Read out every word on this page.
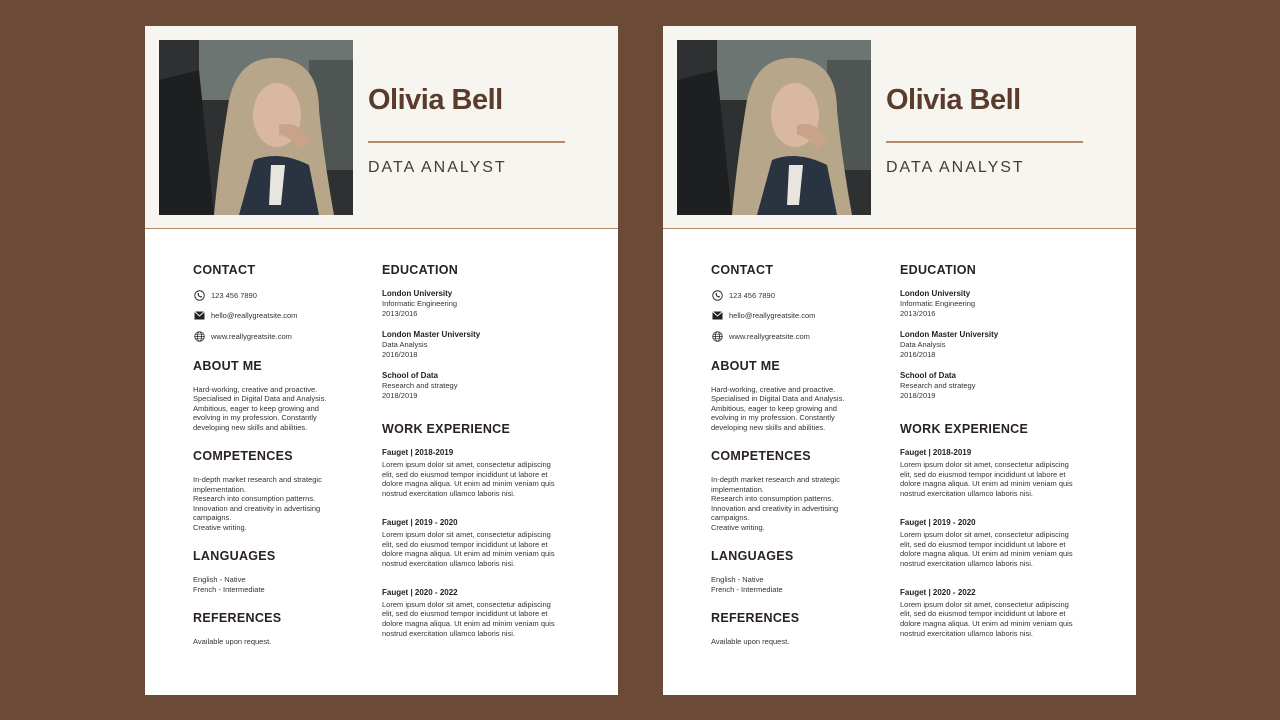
Olivia Bell
DATA ANALYST
CONTACT
123 456 7890
hello@reallygreatsite.com
www.reallygreatsite.com
ABOUT ME
Hard-working, creative and proactive.
Specialised in Digital Data and Analysis.
Ambitious, eager to keep growing and
evolving in my profession. Constantly
developing new skills and abilities.
COMPETENCES
In-depth market research and strategic
implementation.
Research into consumption patterns.
Innovation and creativity in advertising
campaigns.
Creative writing.
LANGUAGES
English - Native
French - Intermediate
REFERENCES
Available upon request.
EDUCATION
London University
Informatic Engineering
2013/2016
London Master University
Data Analysis
2016/2018
School of Data
Research and strategy
2018/2019
WORK EXPERIENCE
Fauget | 2018-2019
Lorem ipsum dolor sit amet, consectetur adipiscing
elit, sed do eiusmod tempor incididunt ut labore et
dolore magna aliqua. Ut enim ad minim veniam quis
nostrud exercitation ullamco laboris nisi.
Fauget | 2019 - 2020
Lorem ipsum dolor sit amet, consectetur adipiscing
elit, sed do eiusmod tempor incididunt ut labore et
dolore magna aliqua. Ut enim ad minim veniam quis
nostrud exercitation ullamco laboris nisi.
Fauget | 2020 - 2022
Lorem ipsum dolor sit amet, consectetur adipiscing
elit, sed do eiusmod tempor incididunt ut labore et
dolore magna aliqua. Ut enim ad minim veniam quis
nostrud exercitation ullamco laboris nisi.
Olivia Bell
DATA ANALYST
CONTACT
123 456 7890
hello@reallygreatsite.com
www.reallygreatsite.com
ABOUT ME
Hard-working, creative and proactive.
Specialised in Digital Data and Analysis.
Ambitious, eager to keep growing and
evolving in my profession. Constantly
developing new skills and abilities.
COMPETENCES
In-depth market research and strategic
implementation.
Research into consumption patterns.
Innovation and creativity in advertising
campaigns.
Creative writing.
LANGUAGES
English - Native
French - Intermediate
REFERENCES
Available upon request.
EDUCATION
London University
Informatic Engineering
2013/2016
London Master University
Data Analysis
2016/2018
School of Data
Research and strategy
2018/2019
WORK EXPERIENCE
Fauget | 2018-2019
Lorem ipsum dolor sit amet, consectetur adipiscing
elit, sed do eiusmod tempor incididunt ut labore et
dolore magna aliqua. Ut enim ad minim veniam quis
nostrud exercitation ullamco laboris nisi.
Fauget | 2019 - 2020
Lorem ipsum dolor sit amet, consectetur adipiscing
elit, sed do eiusmod tempor incididunt ut labore et
dolore magna aliqua. Ut enim ad minim veniam quis
nostrud exercitation ullamco laboris nisi.
Fauget | 2020 - 2022
Lorem ipsum dolor sit amet, consectetur adipiscing
elit, sed do eiusmod tempor incididunt ut labore et
dolore magna aliqua. Ut enim ad minim veniam quis
nostrud exercitation ullamco laboris nisi.
